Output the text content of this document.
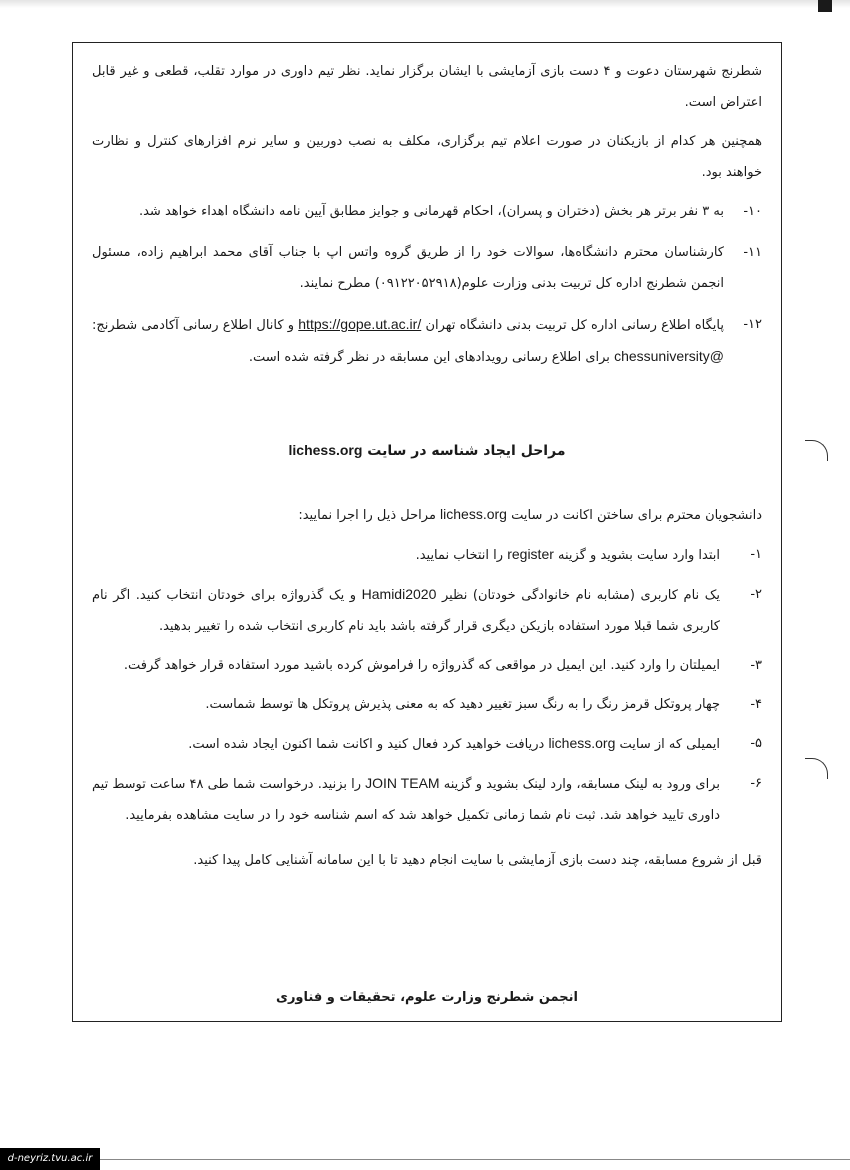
شطرنج شهرستان دعوت و ۴ دست بازی آزمایشی با ایشان برگزار نماید. نظر تیم داوری در موارد تقلب، قطعی و غیر قابل اعتراض است.

همچنین هر کدام از بازیکنان در صورت اعلام تیم برگزاری، مکلف به نصب دوربین و سایر نرم افزارهای کنترل و نظارت خواهند بود.

۱۰-
به ۳ نفر برتر هر بخش (دختران و پسران)، احکام قهرمانی و جوایز مطابق آیین نامه دانشگاه اهداء خواهد شد.
۱۱-
کارشناسان محترم دانشگاه‌ها، سوالات خود را از طریق گروه واتس اپ با جناب آقای محمد ابراهیم زاده، مسئول انجمن شطرنج اداره کل تربیت بدنی وزارت علوم(۰۹۱۲۲۰۵۲۹۱۸) مطرح نمایند.
۱۲-
پایگاه اطلاع رسانی اداره کل تربیت بدنی دانشگاه تهران https://gope.ut.ac.ir/ و کانال اطلاع رسانی آکادمی شطرنج: chessuniversity@ برای اطلاع رسانی رویدادهای این مسابقه در نظر گرفته شده است.
مراحل ایجاد شناسه در سایت lichess.org

دانشجویان محترم برای ساختن اکانت در سایت lichess.org مراحل ذیل را اجرا نمایید:

۱-
ابتدا وارد سایت بشوید و گزینه register را انتخاب نمایید.
۲-
یک نام کاربری (مشابه نام خانوادگی خودتان) نظیر Hamidi2020 و یک گذرواژه برای خودتان انتخاب کنید. اگر نام کاربری شما قبلا مورد استفاده بازیکن دیگری قرار گرفته باشد باید نام کاربری انتخاب شده را تغییر بدهید.
۳-
ایمیلتان را وارد کنید. این ایمیل در مواقعی که گذرواژه را فراموش کرده باشید مورد استفاده قرار خواهد گرفت.
۴-
چهار پروتکل قرمز رنگ را به رنگ سبز تغییر دهید که به معنی پذیرش پروتکل ها توسط شماست.
۵-
ایمیلی که از سایت lichess.org دریافت خواهید کرد فعال کنید و اکانت شما اکنون ایجاد شده است.
۶-
برای ورود به لینک مسابقه، وارد لینک بشوید و گزینه JOIN TEAM را بزنید. درخواست شما طی ۴۸ ساعت توسط تیم داوری تایید خواهد شد. ثبت نام شما زمانی تکمیل خواهد شد که اسم شناسه خود را در سایت مشاهده بفرمایید.

قبل از شروع مسابقه، چند دست بازی آزمایشی با سایت انجام دهید تا با این سامانه آشنایی کامل پیدا کنید.

انجمن شطرنج وزارت علوم، تحقیقات و فناوری
d-neyriz.tvu.ac.ir
